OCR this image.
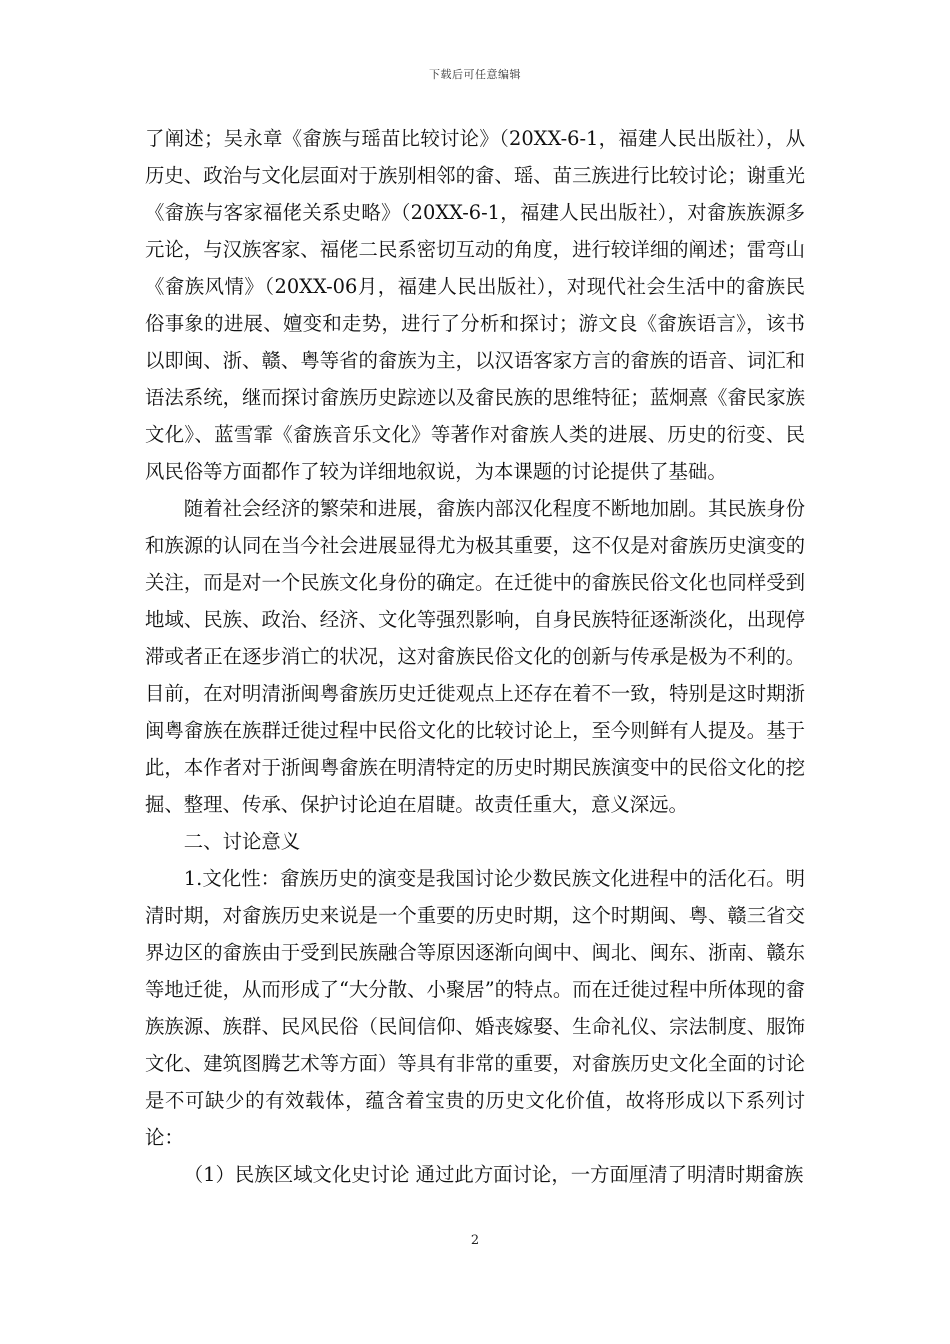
下载后可任意编辑

了阐述；吴永章《畲族与瑶苗比较讨论》（20XX-6-1，福建人民出版社），从历史、政治与文化层面对于族别相邻的畲、瑶、苗三族进行比较讨论；谢重光《畲族与客家福佬关系史略》（20XX-6-1，福建人民出版社），对畲族族源多元论，与汉族客家、福佬二民系密切互动的角度，进行较详细的阐述；雷弯山《畲族风情》（20XX-06月，福建人民出版社），对现代社会生活中的畲族民俗事象的进展、嬗变和走势，进行了分析和探讨；游文良《畲族语言》，该书以即闽、浙、赣、粤等省的畲族为主，以汉语客家方言的畲族的语音、词汇和语法系统，继而探讨畲族历史踪迹以及畲民族的思维特征；蓝炯熹《畲民家族文化》、蓝雪霏《畲族音乐文化》等著作对畲族人类的进展、历史的衍变、民风民俗等方面都作了较为详细地叙说，为本课题的讨论提供了基础。

随着社会经济的繁荣和进展，畲族内部汉化程度不断地加剧。其民族身份和族源的认同在当今社会进展显得尤为极其重要，这不仅是对畲族历史演变的关注，而是对一个民族文化身份的确定。在迁徙中的畲族民俗文化也同样受到地域、民族、政治、经济、文化等强烈影响，自身民族特征逐渐淡化，出现停滞或者正在逐步消亡的状况，这对畲族民俗文化的创新与传承是极为不利的。目前，在对明清浙闽粤畲族历史迁徙观点上还存在着不一致，特别是这时期浙闽粤畲族在族群迁徙过程中民俗文化的比较讨论上，至今则鲜有人提及。基于此，本作者对于浙闽粤畲族在明清特定的历史时期民族演变中的民俗文化的挖掘、整理、传承、保护讨论迫在眉睫。故责任重大，意义深远。

二、讨论意义

1.文化性：畲族历史的演变是我国讨论少数民族文化进程中的活化石。明清时期，对畲族历史来说是一个重要的历史时期，这个时期闽、粤、赣三省交界边区的畲族由于受到民族融合等原因逐渐向闽中、闽北、闽东、浙南、赣东等地迁徙，从而形成了“大分散、小聚居”的特点。而在迁徙过程中所体现的畲族族源、族群、民风民俗（民间信仰、婚丧嫁娶、生命礼仪、宗法制度、服饰文化、建筑图腾艺术等方面）等具有非常的重要，对畲族历史文化全面的讨论是不可缺少的有效载体，蕴含着宝贵的历史文化价值，故将形成以下系列讨论：

（1）民族区域文化史讨论 通过此方面讨论，一方面厘清了明清时期畲族

2
